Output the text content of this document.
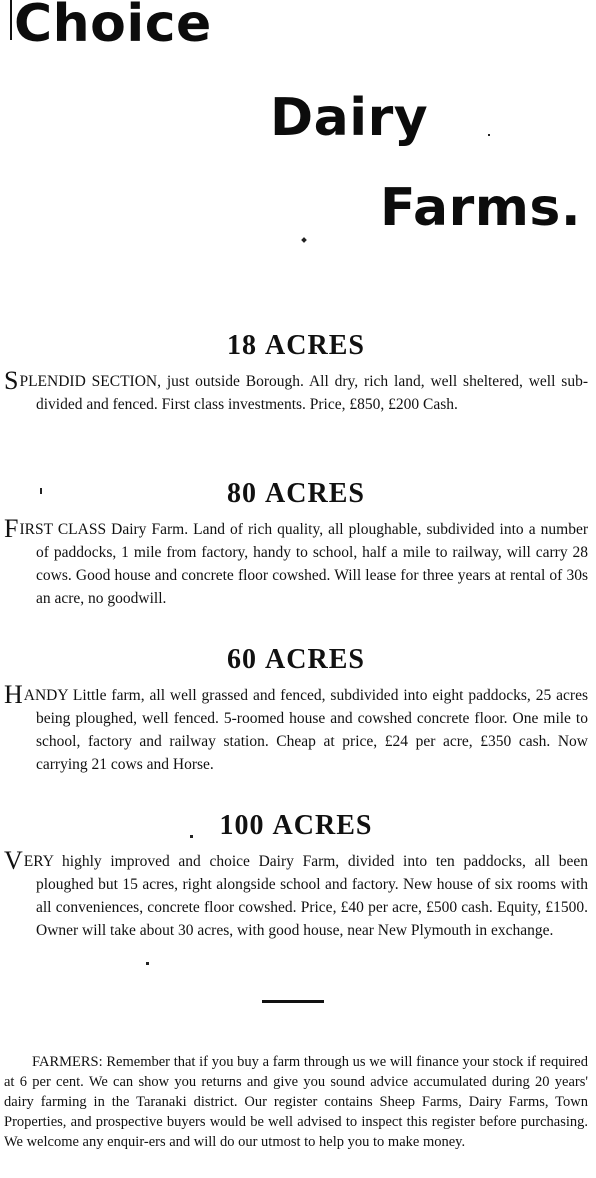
Choice
Dairy
Farms.
18 ACRES

SPLENDID SECTION, just outside Borough. All dry, rich land, well sheltered, well sub-divided and fenced. First class investments. Price, £850, £200 Cash.

80 ACRES

FIRST CLASS Dairy Farm. Land of rich quality, all ploughable, subdivided into a number of paddocks, 1 mile from factory, handy to school, half a mile to railway, will carry 28 cows. Good house and concrete floor cowshed. Will lease for three years at rental of 30s an acre, no goodwill.

60 ACRES

HANDY Little farm, all well grassed and fenced, subdivided into eight paddocks, 25 acres being ploughed, well fenced. 5-roomed house and cowshed concrete floor. One mile to school, factory and railway station. Cheap at price, £24 per acre, £350 cash. Now carrying 21 cows and Horse.

100 ACRES

VERY highly improved and choice Dairy Farm, divided into ten paddocks, all been ploughed but 15 acres, right alongside school and factory. New house of six rooms with all conveniences, concrete floor cowshed. Price, £40 per acre, £500 cash. Equity, £1500. Owner will take about 30 acres, with good house, near New Plymouth in exchange.

FARMERS: Remember that if you buy a farm through us we will finance your stock if required at 6 per cent. We can show you returns and give you sound advice accumulated during 20 years' dairy farming in the Taranaki district. Our register contains Sheep Farms, Dairy Farms, Town Properties, and prospective buyers would be well advised to inspect this register before purchasing. We welcome any enquir-ers and will do our utmost to help you to make money.
